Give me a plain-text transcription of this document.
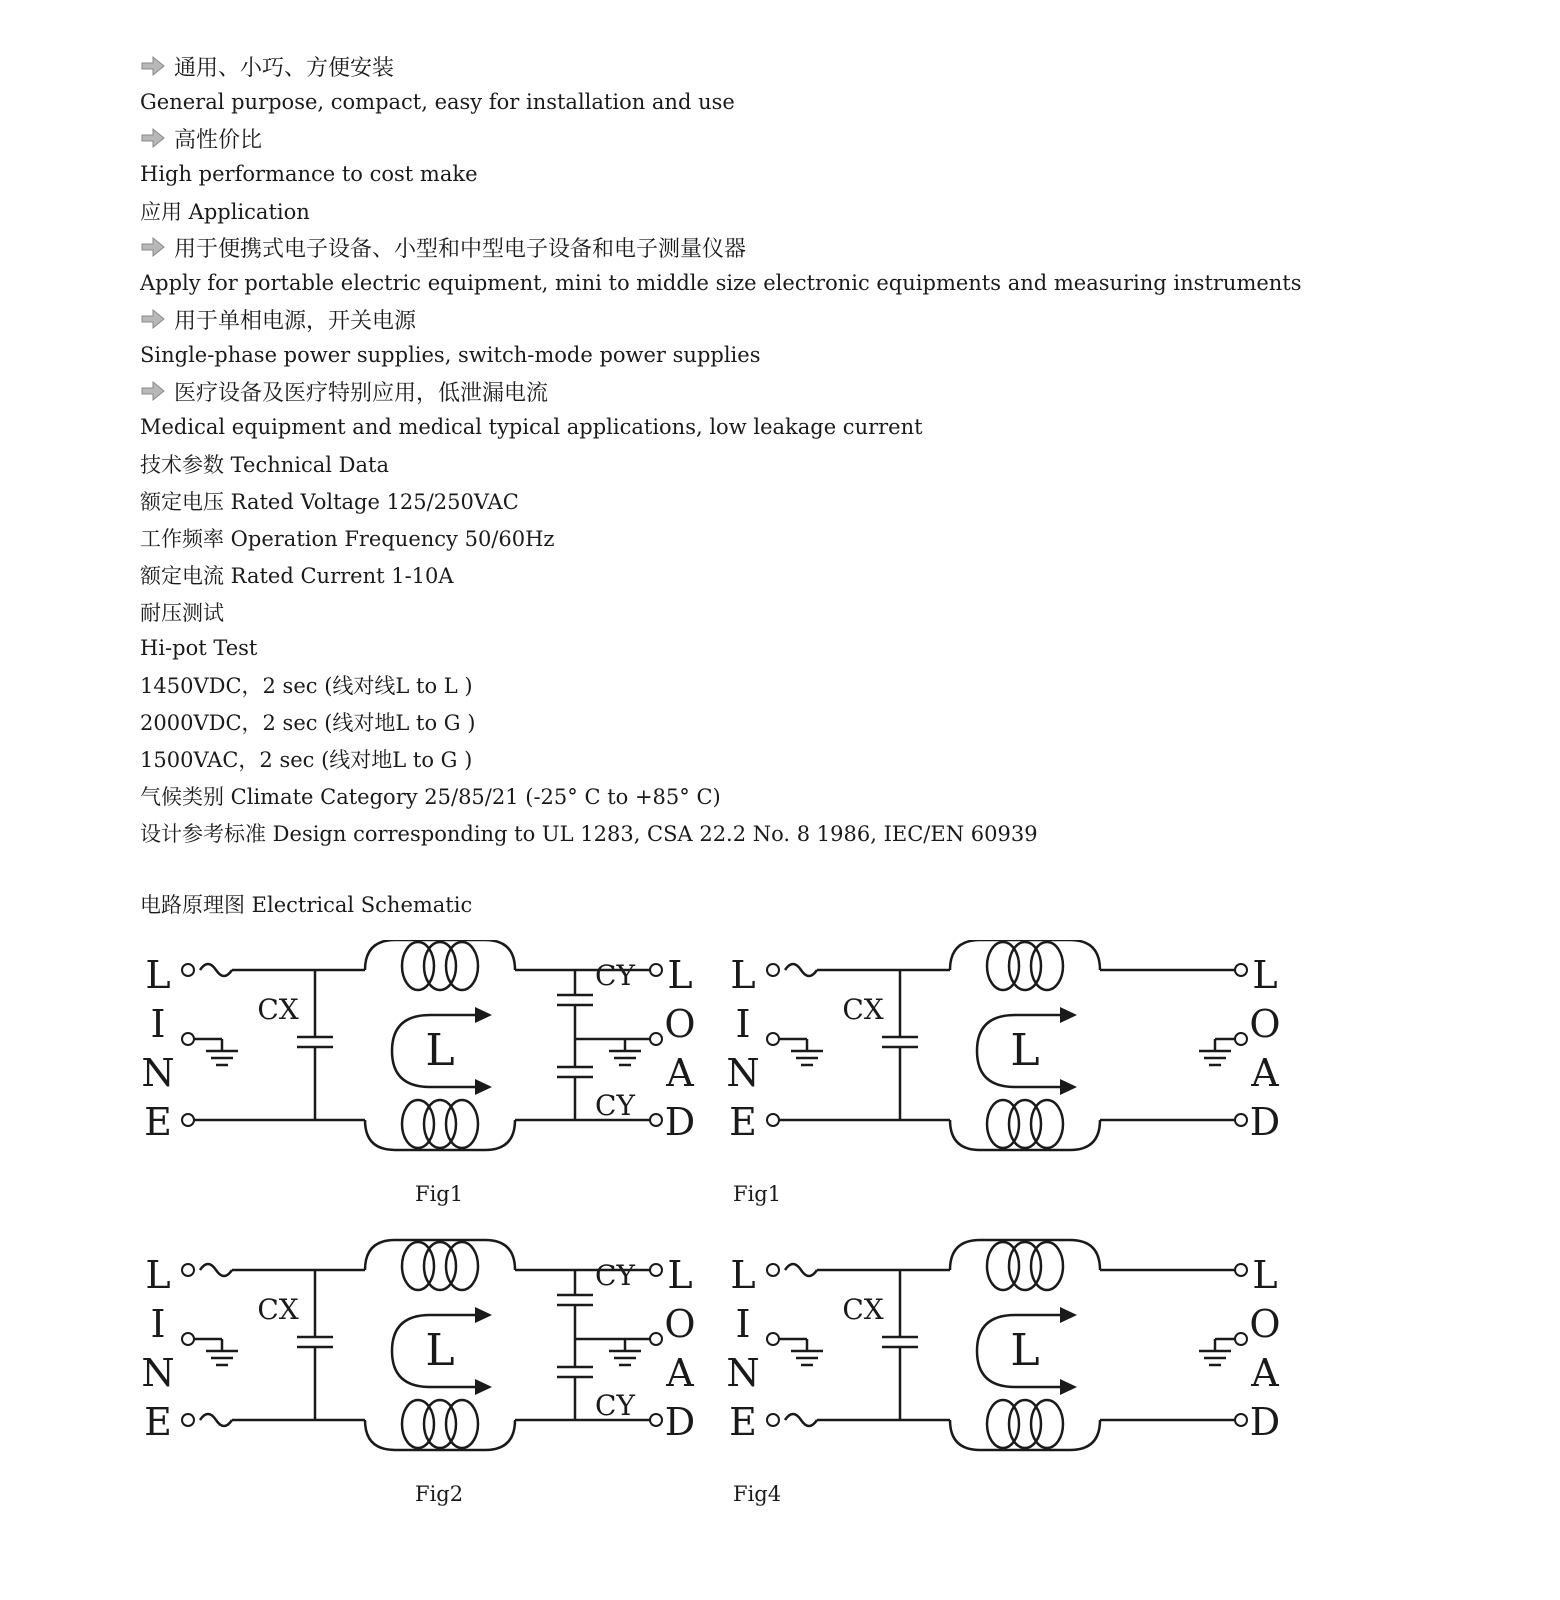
通用、小巧、方便安装
General purpose, compact, easy for installation and use
高性价比
High performance to cost make
应用 Application
用于便携式电子设备、小型和中型电子设备和电子测量仪器
Apply for portable electric equipment, mini to middle size electronic equipments and measuring instruments
用于单相电源，开关电源
Single-phase power supplies, switch-mode power supplies
医疗设备及医疗特别应用，低泄漏电流
Medical equipment and medical typical applications, low leakage current
技术参数 Technical Data
额定电压 Rated Voltage 125/250VAC
工作频率 Operation Frequency 50/60Hz
额定电流 Rated Current 1-10A
耐压测试
Hi-pot Test
1450VDC，2 sec (线对线L to L )
2000VDC，2 sec (线对地L to G )
1500VAC，2 sec (线对地L to G )
气候类别 Climate Category 25/85/21 (-25° C to +85° C)
设计参考标准 Design corresponding to UL 1283, CSA 22.2 No. 8 1986, IEC/EN 60939
电路原理图 Electrical Schematic
L
I
N
E
L
O
A
D
CX
L
CY
CY
L
I
N
E
L
O
A
D
CX
L
L
I
N
E
L
O
A
D
CX
L
CY
CY
L
I
N
E
L
O
A
D
CX
L
Fig1	Fig1
Fig2	Fig4
